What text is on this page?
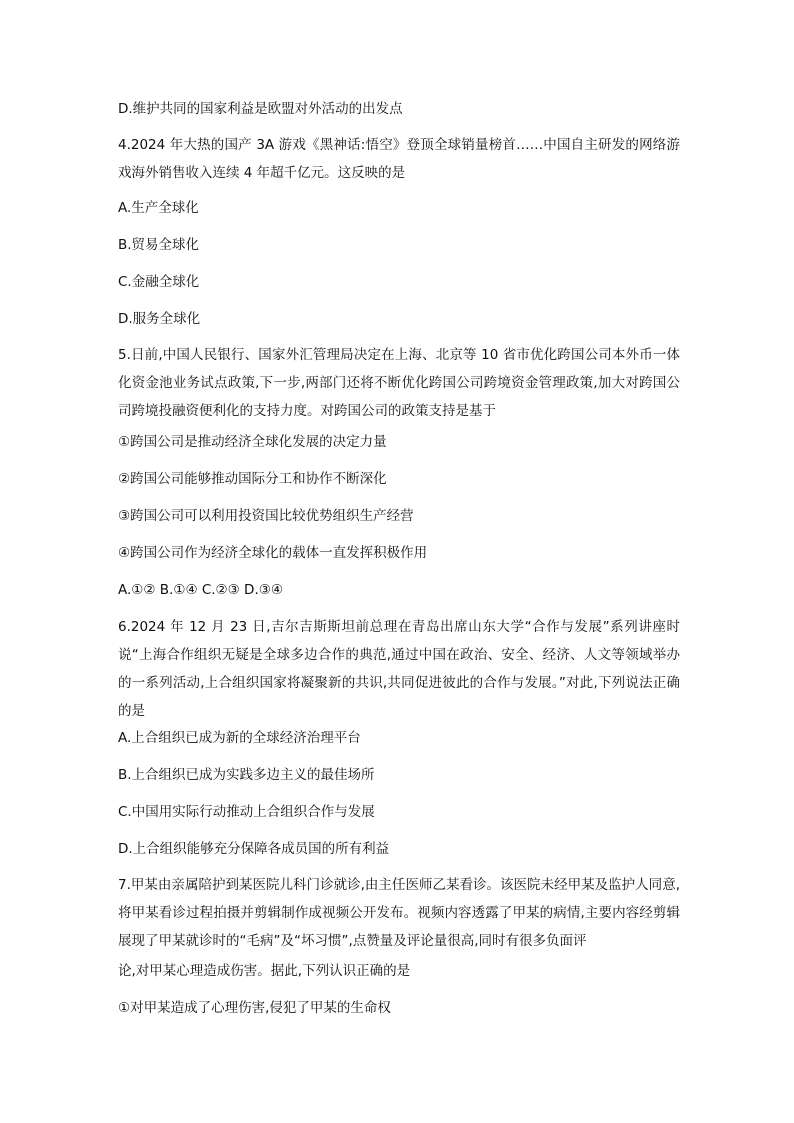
D.维护共同的国家利益是欧盟对外活动的出发点
4.2024 年大热的国产 3A 游戏《黑神话:悟空》登顶全球销量榜首……中国自主研发的网络游戏海外销售收入连续 4 年超千亿元。这反映的是
A.生产全球化
B.贸易全球化
C.金融全球化
D.服务全球化
5.日前,中国人民银行、国家外汇管理局决定在上海、北京等 10 省市优化跨国公司本外币一体化资金池业务试点政策,下一步,两部门还将不断优化跨国公司跨境资金管理政策,加大对跨国公司跨境投融资便利化的支持力度。对跨国公司的政策支持是基于
①跨国公司是推动经济全球化发展的决定力量
②跨国公司能够推动国际分工和协作不断深化
③跨国公司可以利用投资国比较优势组织生产经营
④跨国公司作为经济全球化的载体一直发挥积极作用
A.①② B.①④ C.②③ D.③④
6.2024 年 12 月 23 日,吉尔吉斯斯坦前总理在青岛出席山东大学“合作与发展”系列讲座时说“上海合作组织无疑是全球多边合作的典范,通过中国在政治、安全、经济、人文等领域举办的一系列活动,上合组织国家将凝聚新的共识,共同促进彼此的合作与发展。”对此,下列说法正确的是
A.上合组织已成为新的全球经济治理平台
B.上合组织已成为实践多边主义的最佳场所
C.中国用实际行动推动上合组织合作与发展
D.上合组织能够充分保障各成员国的所有利益
7.甲某由亲属陪护到某医院儿科门诊就诊,由主任医师乙某看诊。该医院未经甲某及监护人同意,将甲某看诊过程拍摄并剪辑制作成视频公开发布。视频内容透露了甲某的病情,主要内容经剪辑展现了甲某就诊时的“毛病”及“坏习惯”,点赞量及评论量很高,同时有很多负面评
论,对甲某心理造成伤害。据此,下列认识正确的是
①对甲某造成了心理伤害,侵犯了甲某的生命权
